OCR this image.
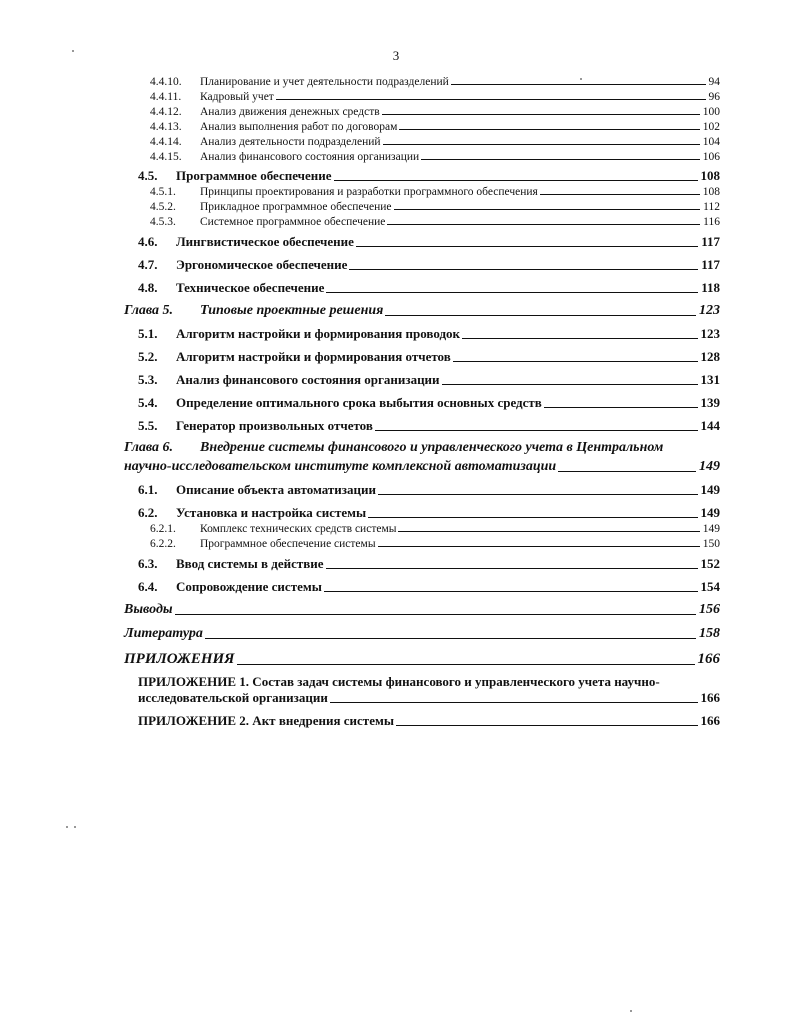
3
4.4.10.	Планирование и учет деятельности подразделений	94
4.4.11.	Кадровый учет	96
4.4.12.	Анализ движения денежных средств	100
4.4.13.	Анализ выполнения работ по договорам	102
4.4.14.	Анализ деятельности подразделений	104
4.4.15.	Анализ финансового состояния организации	106
4.5.	Программное обеспечение	108
4.5.1.	Принципы проектирования и разработки программного обеспечения	108
4.5.2.	Прикладное программное обеспечение	112
4.5.3.	Системное программное обеспечение	116
4.6.	Лингвистическое обеспечение	117
4.7.	Эргономическое обеспечение	117
4.8.	Техническое обеспечение	118
Глава 5.	Типовые проектные решения	123
5.1.	Алгоритм настройки и формирования проводок	123
5.2.	Алгоритм настройки и формирования отчетов	128
5.3.	Анализ финансового состояния организации	131
5.4.	Определение оптимального срока выбытия основных средств	139
5.5.	Генератор произвольных отчетов	144
Глава 6. Внедрение системы финансового и управленческого учета в Центральном
научно-исследовательском институте комплексной автоматизации	149
6.1.	Описание объекта автоматизации	149
6.2.	Установка и настройка системы	149
6.2.1.	Комплекс технических средств системы	149
6.2.2.	Программное обеспечение системы	150
6.3.	Ввод системы в действие	152
6.4.	Сопровождение системы	154
Выводы	156
Литература	158
ПРИЛОЖЕНИЯ	166
ПРИЛОЖЕНИЕ 1. Состав задач системы финансового и управленческого учета научно-
исследовательской организации	166
ПРИЛОЖЕНИЕ 2. Акт внедрения системы	166
